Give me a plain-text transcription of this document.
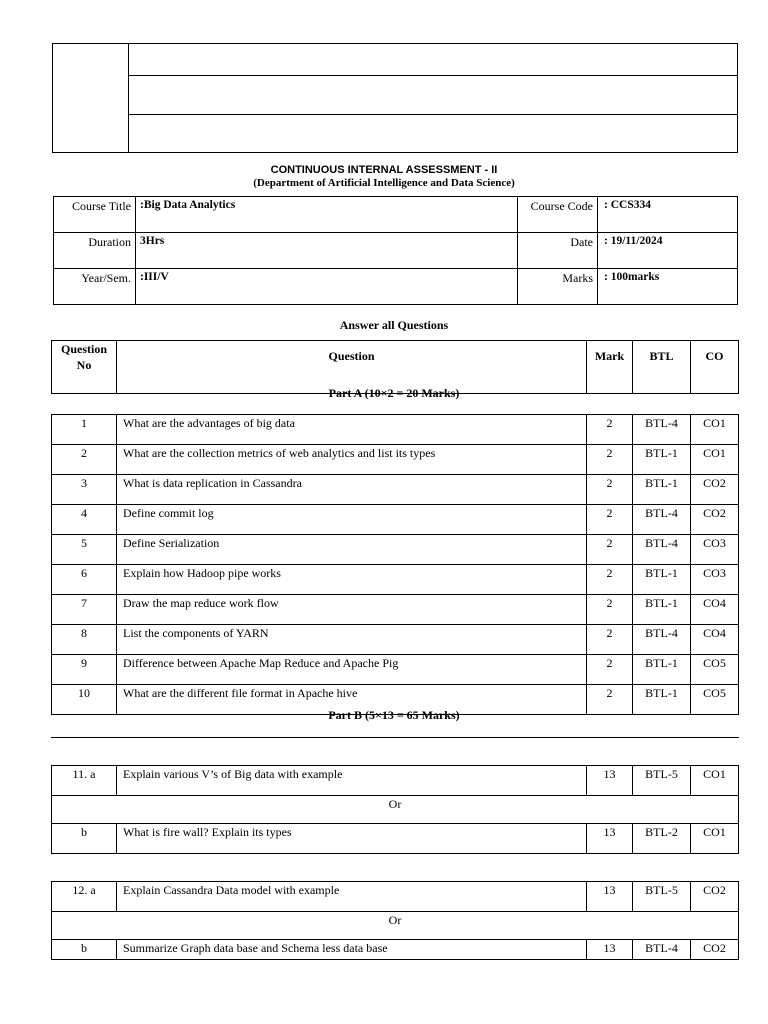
CONTINUOUS INTERNAL ASSESSMENT - II
(Department of Artificial Intelligence and Data Science)
Course Title	:Big Data Analytics	Course Code	: CCS334
Duration	3Hrs	Date	: 19/11/2024
Year/Sem.	:III/V	Marks	: 100marks
Answer all Questions
Question
No
	Question	Mark	BTL	CO
Part A (10×2 = 20 Marks)
1	What are the advantages of big data	2	BTL-4	CO1
2	What are the collection metrics of web analytics and list its types	2	BTL-1	CO1
3	What is data replication in Cassandra	2	BTL-1	CO2
4	Define commit log	2	BTL-4	CO2
5	Define Serialization	2	BTL-4	CO3
6	Explain how Hadoop pipe works	2	BTL-1	CO3
7	Draw the map reduce work flow	2	BTL-1	CO4
8	List the components of YARN	2	BTL-4	CO4
9	Difference between Apache Map Reduce and Apache Pig	2	BTL-1	CO5
10	What are the different file format in Apache hive	2	BTL-1	CO5
Part B (5×13 = 65 Marks)
11. a	Explain various V’s of Big data with example	13	BTL-5	CO1
Or				
b	What is fire wall? Explain its types	13	BTL-2	CO1
12. a	Explain Cassandra Data model with example	13	BTL-5	CO2
Or				
b	Summarize Graph data base and Schema less data base	13	BTL-4	CO2
